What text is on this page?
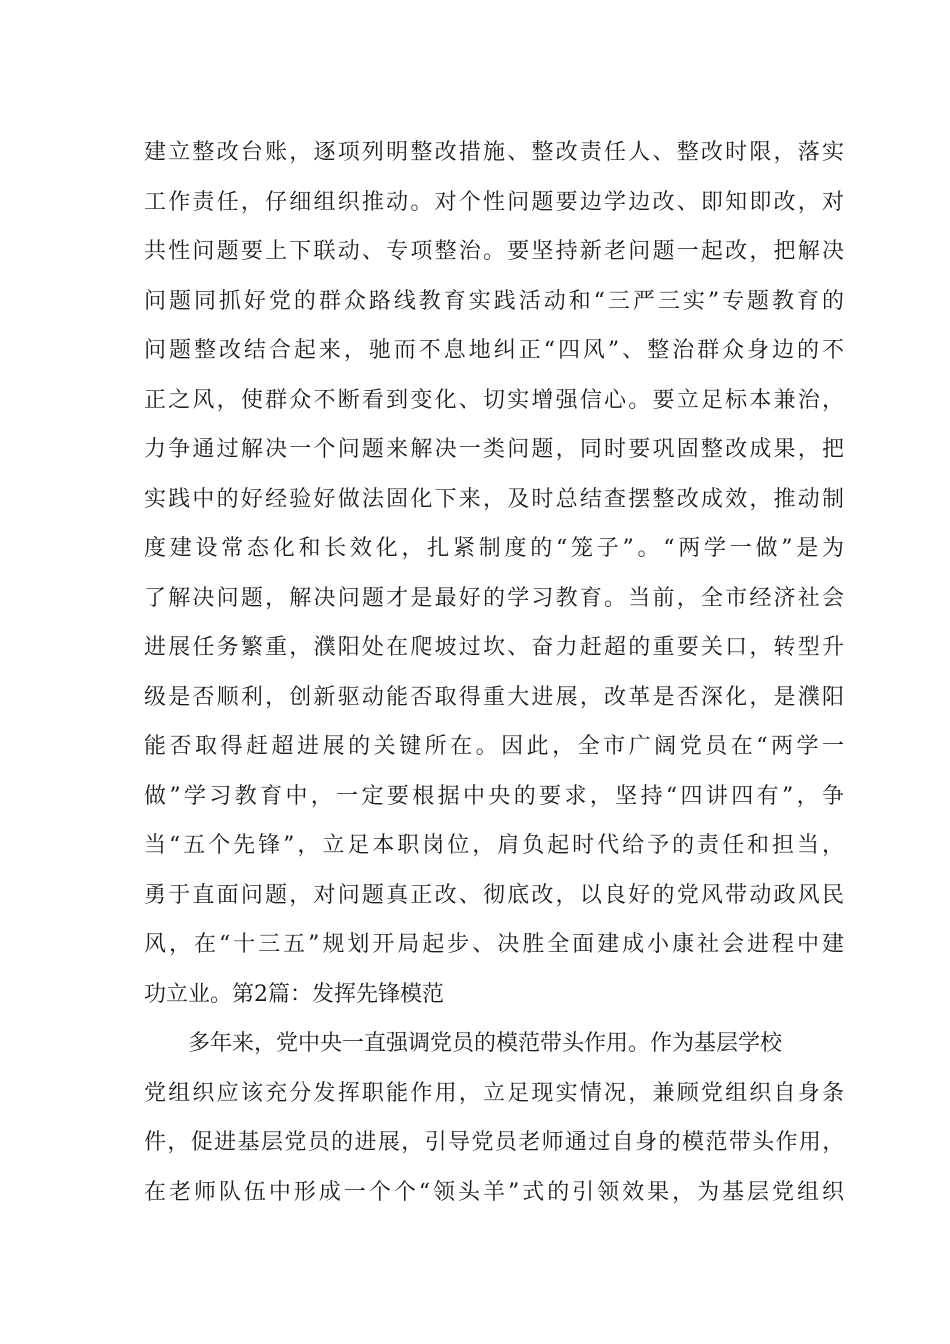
建立整改台账，逐项列明整改措施、整改责任人、整改时限，落实
工作责任，仔细组织推动。对个性问题要边学边改、即知即改，对
共性问题要上下联动、专项整治。要坚持新老问题一起改，把解决
问题同抓好党的群众路线教育实践活动和“三严三实”专题教育的
问题整改结合起来，驰而不息地纠正“四风”、整治群众身边的不
正之风，使群众不断看到变化、切实增强信心。要立足标本兼治，
力争通过解决一个问题来解决一类问题，同时要巩固整改成果，把
实践中的好经验好做法固化下来，及时总结查摆整改成效，推动制
度建设常态化和长效化，扎紧制度的“笼子”。“两学一做”是为
了解决问题，解决问题才是最好的学习教育。当前，全市经济社会
进展任务繁重，濮阳处在爬坡过坎、奋力赶超的重要关口，转型升
级是否顺利，创新驱动能否取得重大进展，改革是否深化，是濮阳
能否取得赶超进展的关键所在。因此，全市广阔党员在“两学一
做”学习教育中，一定要根据中央的要求，坚持“四讲四有”，争
当“五个先锋”，立足本职岗位，肩负起时代给予的责任和担当，
勇于直面问题，对问题真正改、彻底改，以良好的党风带动政风民
风，在“十三五”规划开局起步、决胜全面建成小康社会进程中建
功立业。第2篇：发挥先锋模范
多年来，党中央一直强调党员的模范带头作用。作为基层学校
党组织应该充分发挥职能作用，立足现实情况，兼顾党组织自身条
件，促进基层党员的进展，引导党员老师通过自身的模范带头作用，
在老师队伍中形成一个个“领头羊”式的引领效果，为基层党组织
